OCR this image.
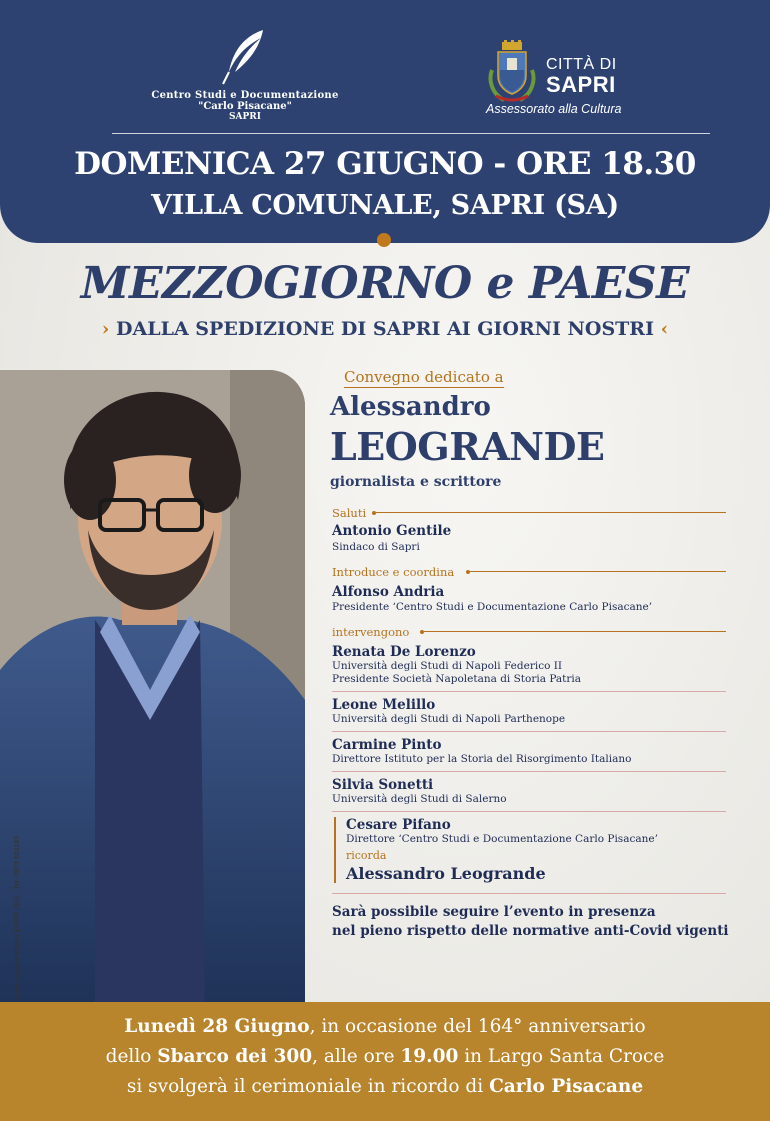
Centro Studi e Documentazione
"Carlo Pisacane"
SAPRI
CITTÀ DI
SAPRI
Assessorato alla Cultura
DOMENICA 27 GIUGNO - ORE 18.30
VILLA COMUNALE, SAPRI (SA)
MEZZOGIORNO e PAESE
› DALLA SPEDIZIONE DI SAPRI AI GIORNI NOSTRI ‹
smile communication SAPRI (SA) - Tel. 0973 603183
Convegno dedicato a
Alessandro
LEOGRANDE
giornalista e scrittore
Saluti
Antonio Gentile
Sindaco di Sapri
Introduce e coordina
Alfonso Andria
Presidente ‘Centro Studi e Documentazione Carlo Pisacane’
intervengono
Renata De Lorenzo
Università degli Studi di Napoli Federico II
Presidente Società Napoletana di Storia Patria
Leone Melillo
Università degli Studi di Napoli Parthenope
Carmine Pinto
Direttore Istituto per la Storia del Risorgimento Italiano
Silvia Sonetti
Università degli Studi di Salerno
Cesare Pifano
Direttore ‘Centro Studi e Documentazione Carlo Pisacane’
ricorda
Alessandro Leogrande
Sarà possibile seguire l’evento in presenza
nel pieno rispetto delle normative anti-Covid vigenti

Lunedì 28 Giugno, in occasione del 164° anniversario

dello Sbarco dei 300, alle ore 19.00 in Largo Santa Croce

si svolgerà il cerimoniale in ricordo di Carlo Pisacane
